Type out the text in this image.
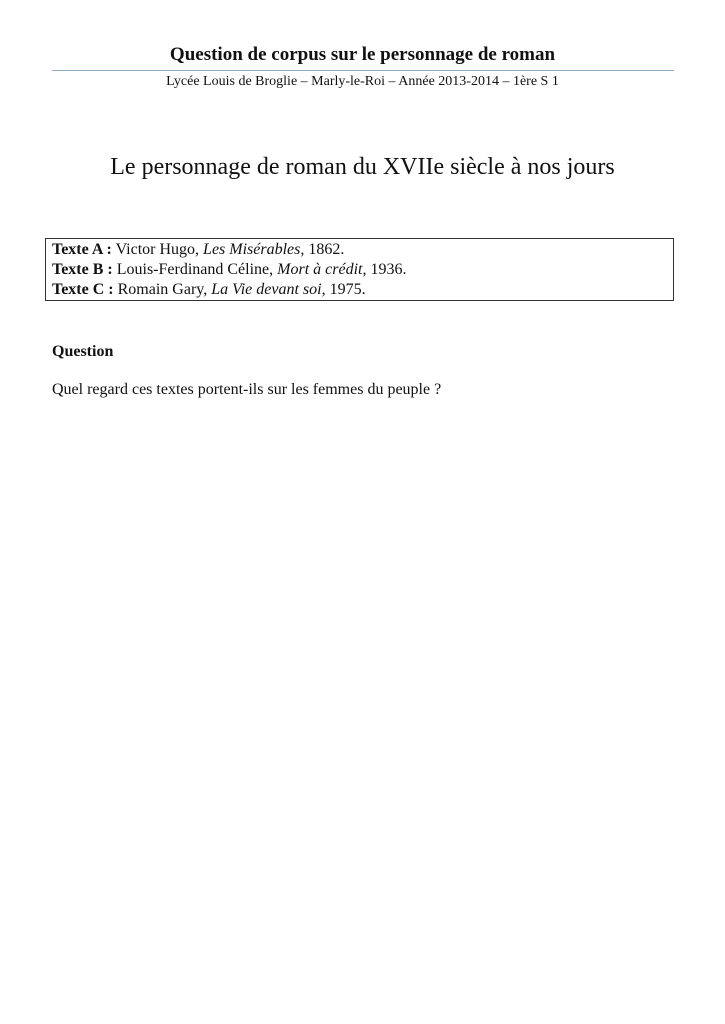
Question de corpus sur le personnage de roman
Lycée Louis de Broglie – Marly-le-Roi – Année 2013-2014 – 1ère S 1
Le personnage de roman du XVIIe siècle à nos jours
Texte A : Victor Hugo, Les Misérables, 1862.
Texte B : Louis-Ferdinand Céline, Mort à crédit, 1936.
Texte C : Romain Gary, La Vie devant soi, 1975.
Question
Quel regard ces textes portent-ils sur les femmes du peuple ?
